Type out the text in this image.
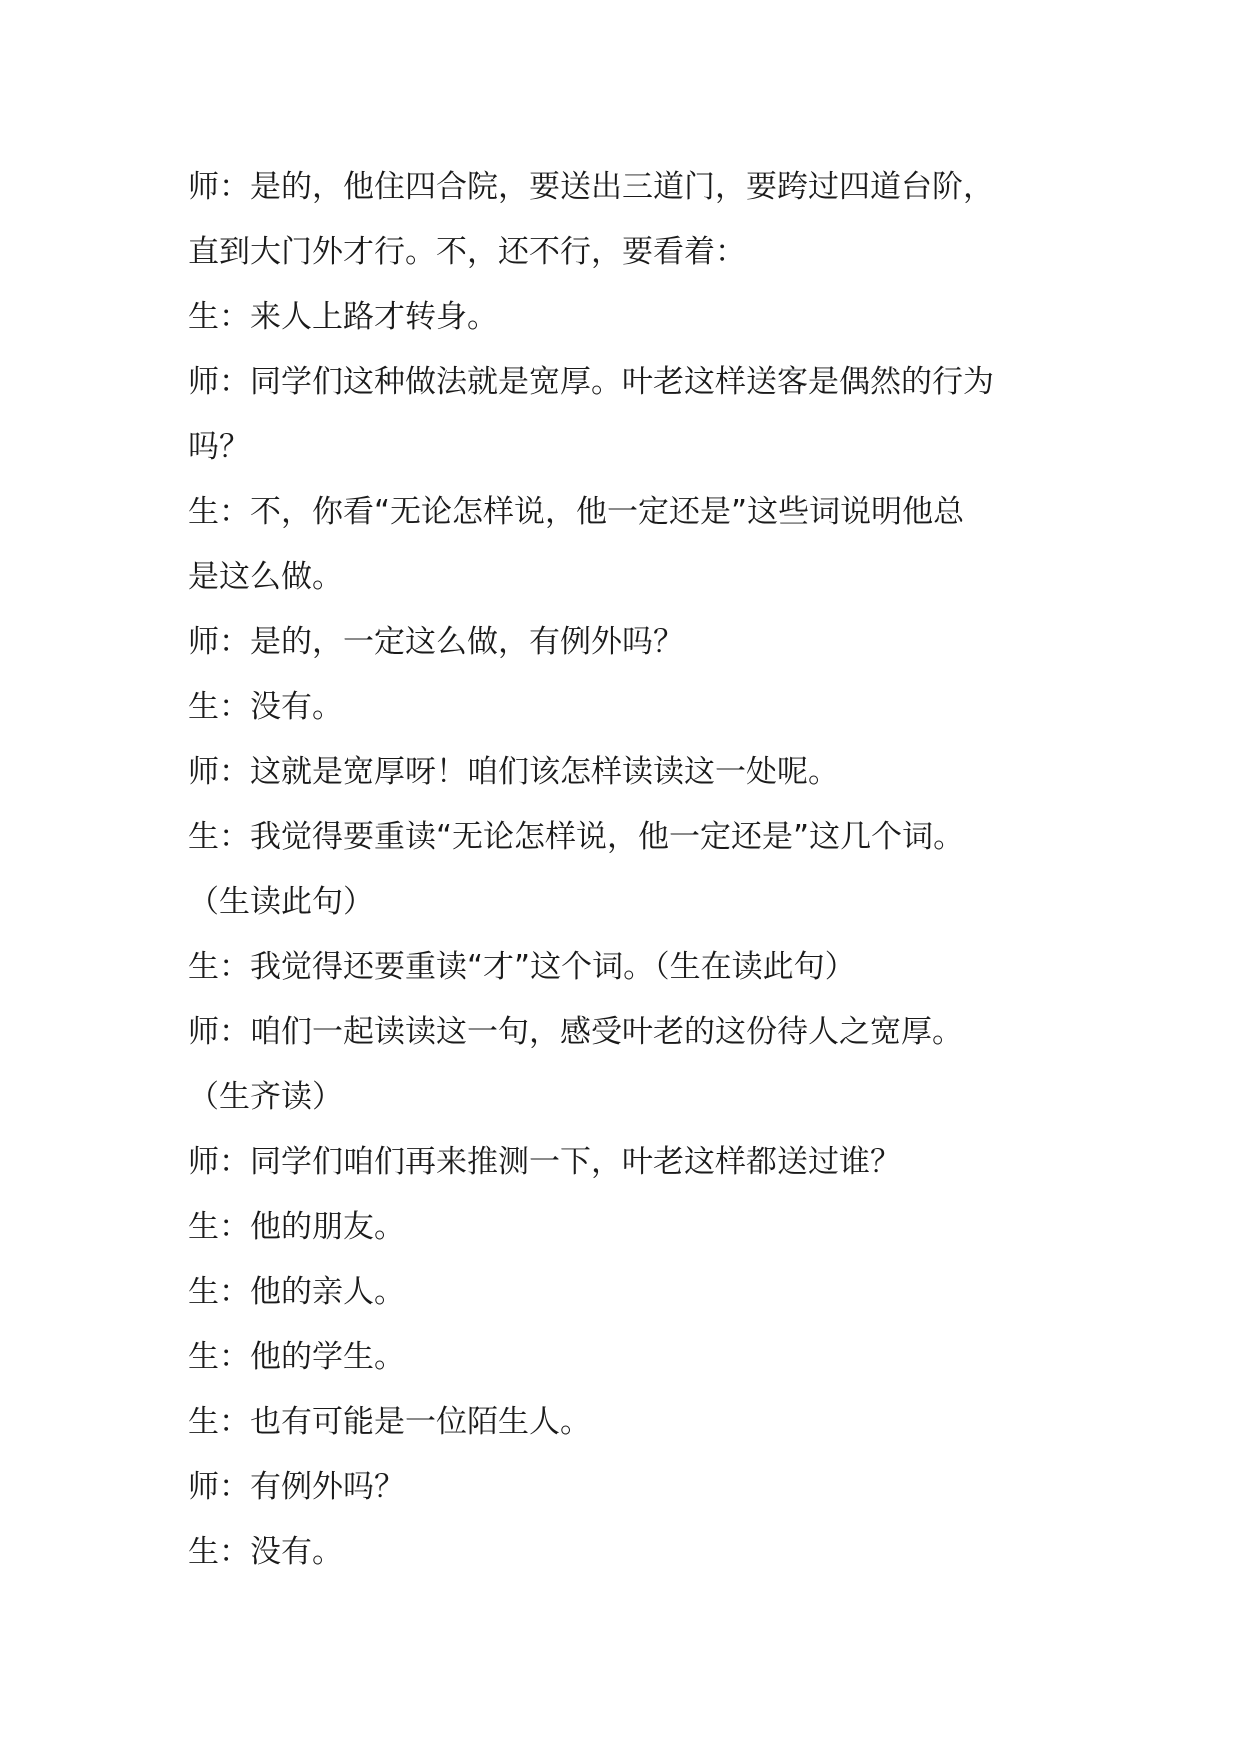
师：是的，他住四合院，要送出三道门，要跨过四道台阶，

直到大门外才行。不，还不行，要看着：

生：来人上路才转身。

师：同学们这种做法就是宽厚。叶老这样送客是偶然的行为

吗？

生：不，你看“无论怎样说，他一定还是”这些词说明他总

是这么做。

师：是的，一定这么做，有例外吗？

生：没有。

师：这就是宽厚呀！咱们该怎样读读这一处呢。

生：我觉得要重读“无论怎样说，他一定还是”这几个词。

（生读此句）

生：我觉得还要重读“才”这个词。（生在读此句）

师：咱们一起读读这一句，感受叶老的这份待人之宽厚。

（生齐读）

师：同学们咱们再来推测一下，叶老这样都送过谁？

生：他的朋友。

生：他的亲人。

生：他的学生。

生：也有可能是一位陌生人。

师：有例外吗？

生：没有。
